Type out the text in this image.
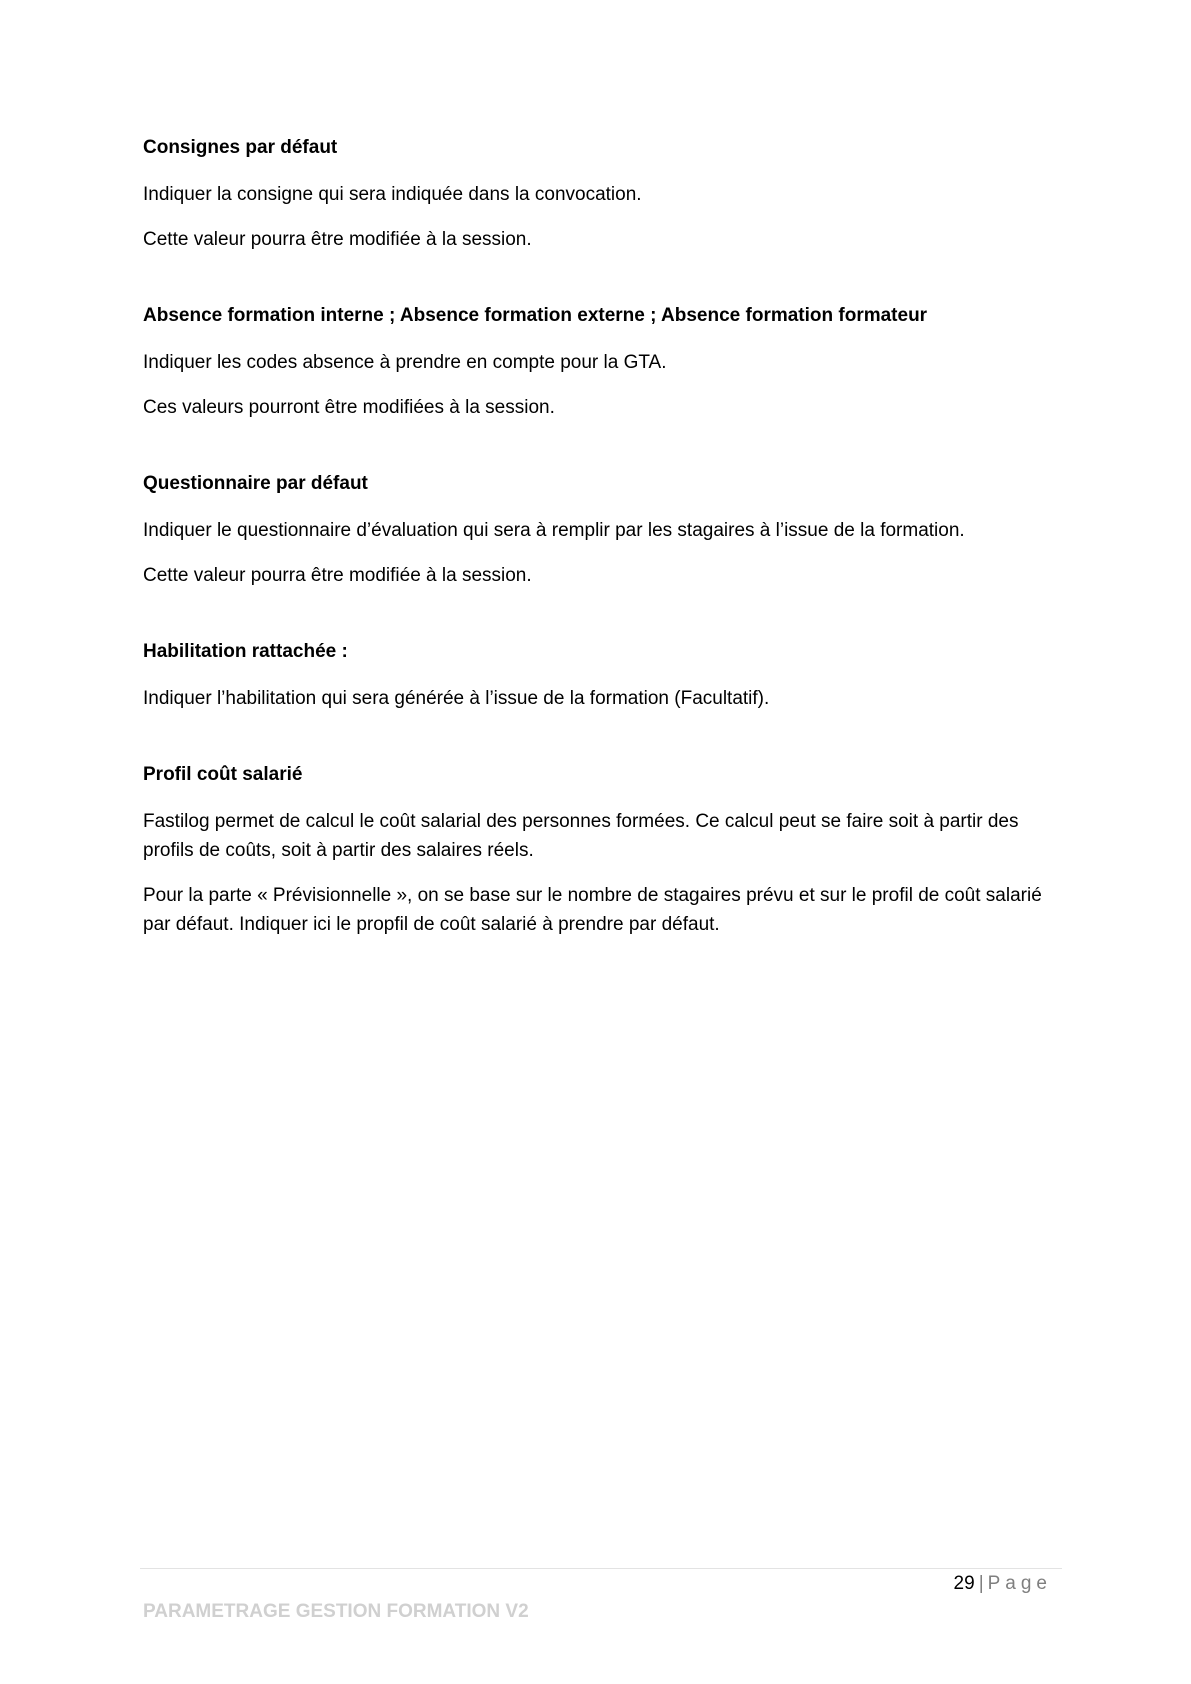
Consignes par défaut

Indiquer la consigne qui sera indiquée dans la convocation.

Cette valeur pourra être modifiée à la session.

Absence formation interne ; Absence formation externe ; Absence formation formateur

Indiquer les codes absence à prendre en compte pour la GTA.

Ces valeurs pourront être modifiées à la session.

Questionnaire par défaut

Indiquer le questionnaire d’évaluation qui sera à remplir par les stagaires à l’issue de la formation.

Cette valeur pourra être modifiée à la session.

Habilitation rattachée :

Indiquer l’habilitation qui sera générée à l’issue de la formation (Facultatif).

Profil coût salarié

Fastilog permet de calcul le coût salarial des personnes formées. Ce calcul peut se faire soit à partir des profils de coûts, soit à partir des salaires réels.

Pour la parte « Prévisionnelle », on se base sur le nombre de stagaires prévu et sur le profil de coût salarié par défaut. Indiquer ici le propfil de coût salarié à prendre par défaut.

29 | Page
PARAMETRAGE GESTION FORMATION V2
